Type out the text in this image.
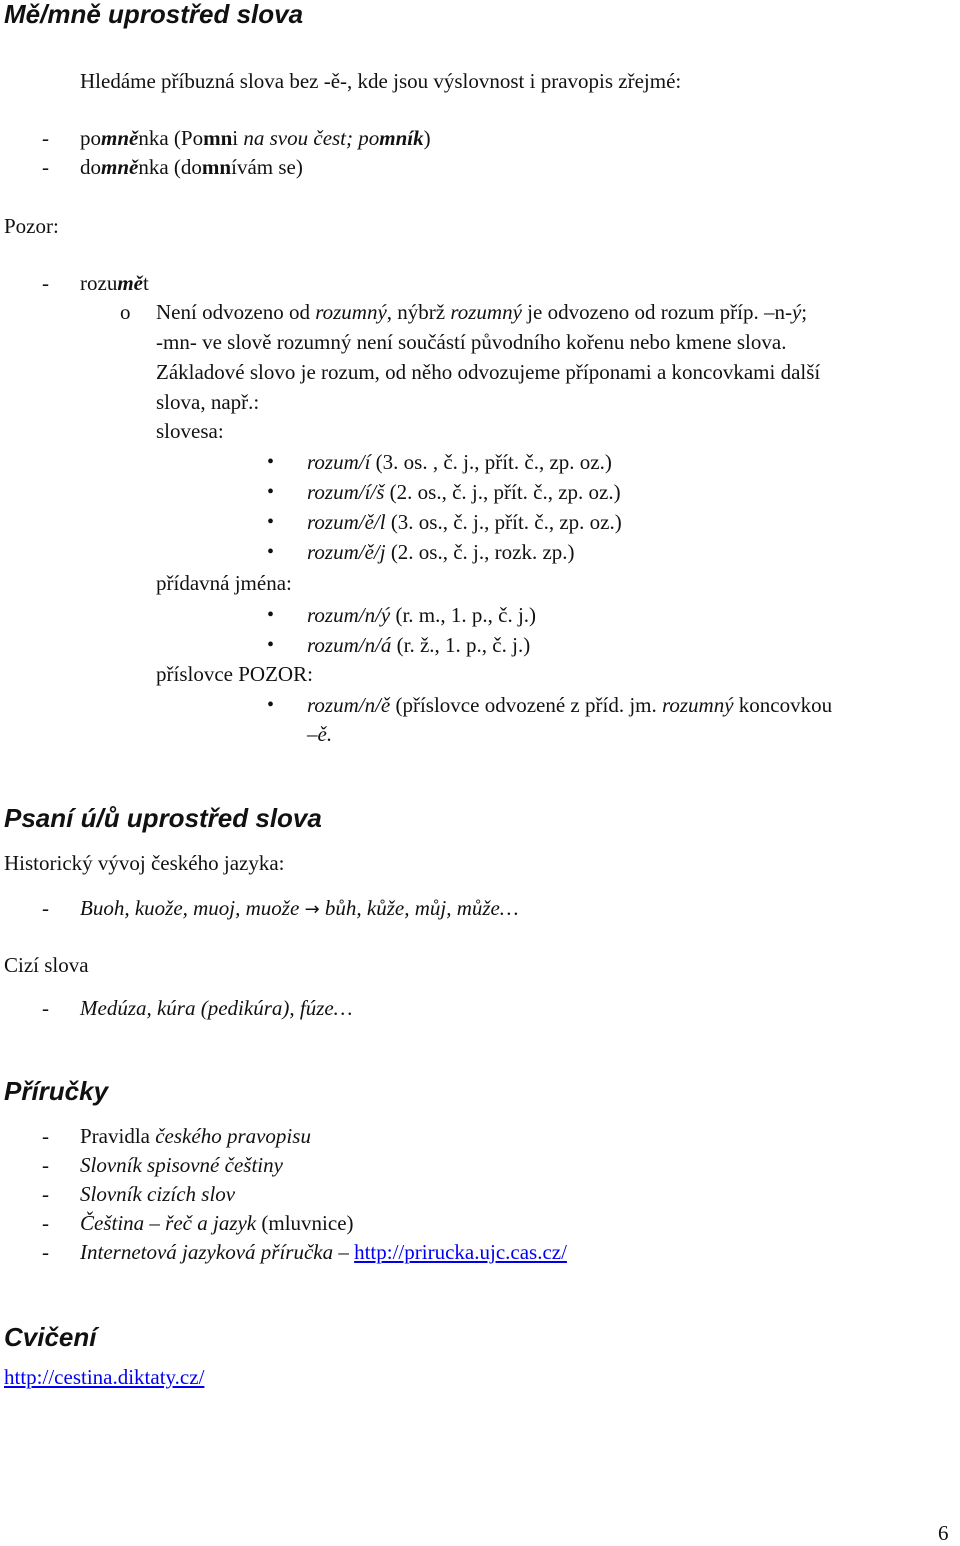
Mě/mně uprostřed slova
Hledáme příbuzná slova bez -ě-, kde jsou výslovnost i pravopis zřejmé:
- pomněnka (Pomni na svou čest; pomník)
- domněnka (domnívám se)
Pozor:
- rozumět
o Není odvozeno od rozumný, nýbrž rozumný je odvozeno od rozum příp. –n-ý;
-mn- ve slově rozumný není součástí původního kořenu nebo kmene slova.
Základové slovo je rozum, od něho odvozujeme příponami a koncovkami další
slova, např.:
slovesa:
• rozum/í (3. os. , č. j., přít. č., zp. oz.)
• rozum/í/š (2. os., č. j., přít. č., zp. oz.)
• rozum/ě/l (3. os., č. j., přít. č., zp. oz.)
• rozum/ě/j (2. os., č. j., rozk. zp.)
přídavná jména:
• rozum/n/ý (r. m., 1. p., č. j.)
• rozum/n/á (r. ž., 1. p., č. j.)
příslovce POZOR:
• rozum/n/ě (příslovce odvozené z příd. jm. rozumný koncovkou
–ě.
Psaní ú/ů uprostřed slova
Historický vývoj českého jazyka:
- Buoh, kuože, muoj, muože → bůh, kůže, můj, může…
Cizí slova
- Medúza, kúra (pedikúra), fúze…
Příručky
- Pravidla českého pravopisu
- Slovník spisovné češtiny
- Slovník cizích slov
- Čeština – řeč a jazyk (mluvnice)
- Internetová jazyková příručka – http://prirucka.ujc.cas.cz/
Cvičení
http://cestina.diktaty.cz/
6
